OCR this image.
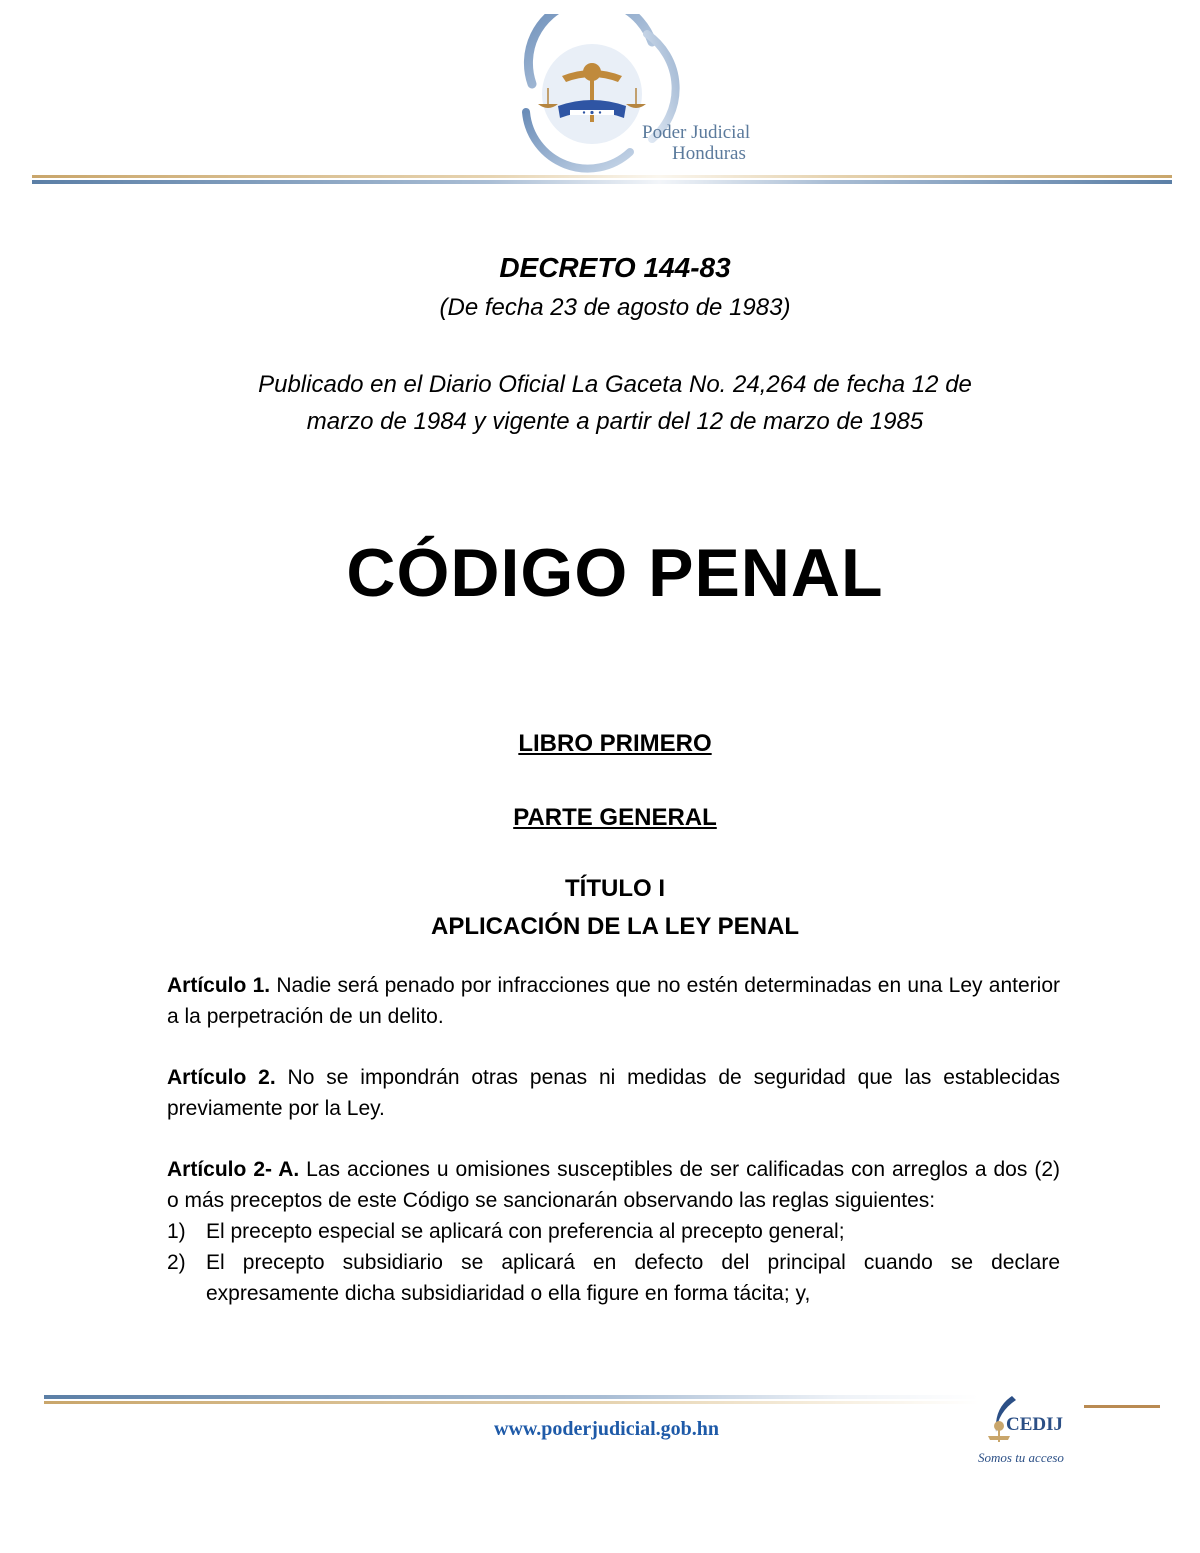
Poder Judicial
Honduras
DECRETO 144-83
(De fecha 23 de agosto de 1983)
Publicado en el Diario Oficial La Gaceta No. 24,264 de fecha 12 de
marzo de 1984 y vigente a partir del 12 de marzo de 1985
CÓDIGO PENAL
LIBRO PRIMERO
PARTE GENERAL
TÍTULO I
APLICACIÓN DE LA LEY PENAL

Artículo 1. Nadie será penado por infracciones que no estén determinadas en una Ley anterior a la perpetración de un delito.

Artículo 2. No se impondrán otras penas ni medidas de seguridad que las establecidas previamente por la Ley.

Artículo 2- A. Las acciones u omisiones susceptibles de ser calificadas con arreglos a dos (2) o más preceptos de este Código se sancionarán observando las reglas siguientes:
1) El precepto especial se aplicará con preferencia al precepto general;
2) El precepto subsidiario se aplicará en defecto del principal cuando se declare expresamente dicha subsidiaridad o ella figure en forma tácita; y,
www.poderjudicial.gob.hn	CEDIJ
Somos tu acceso
